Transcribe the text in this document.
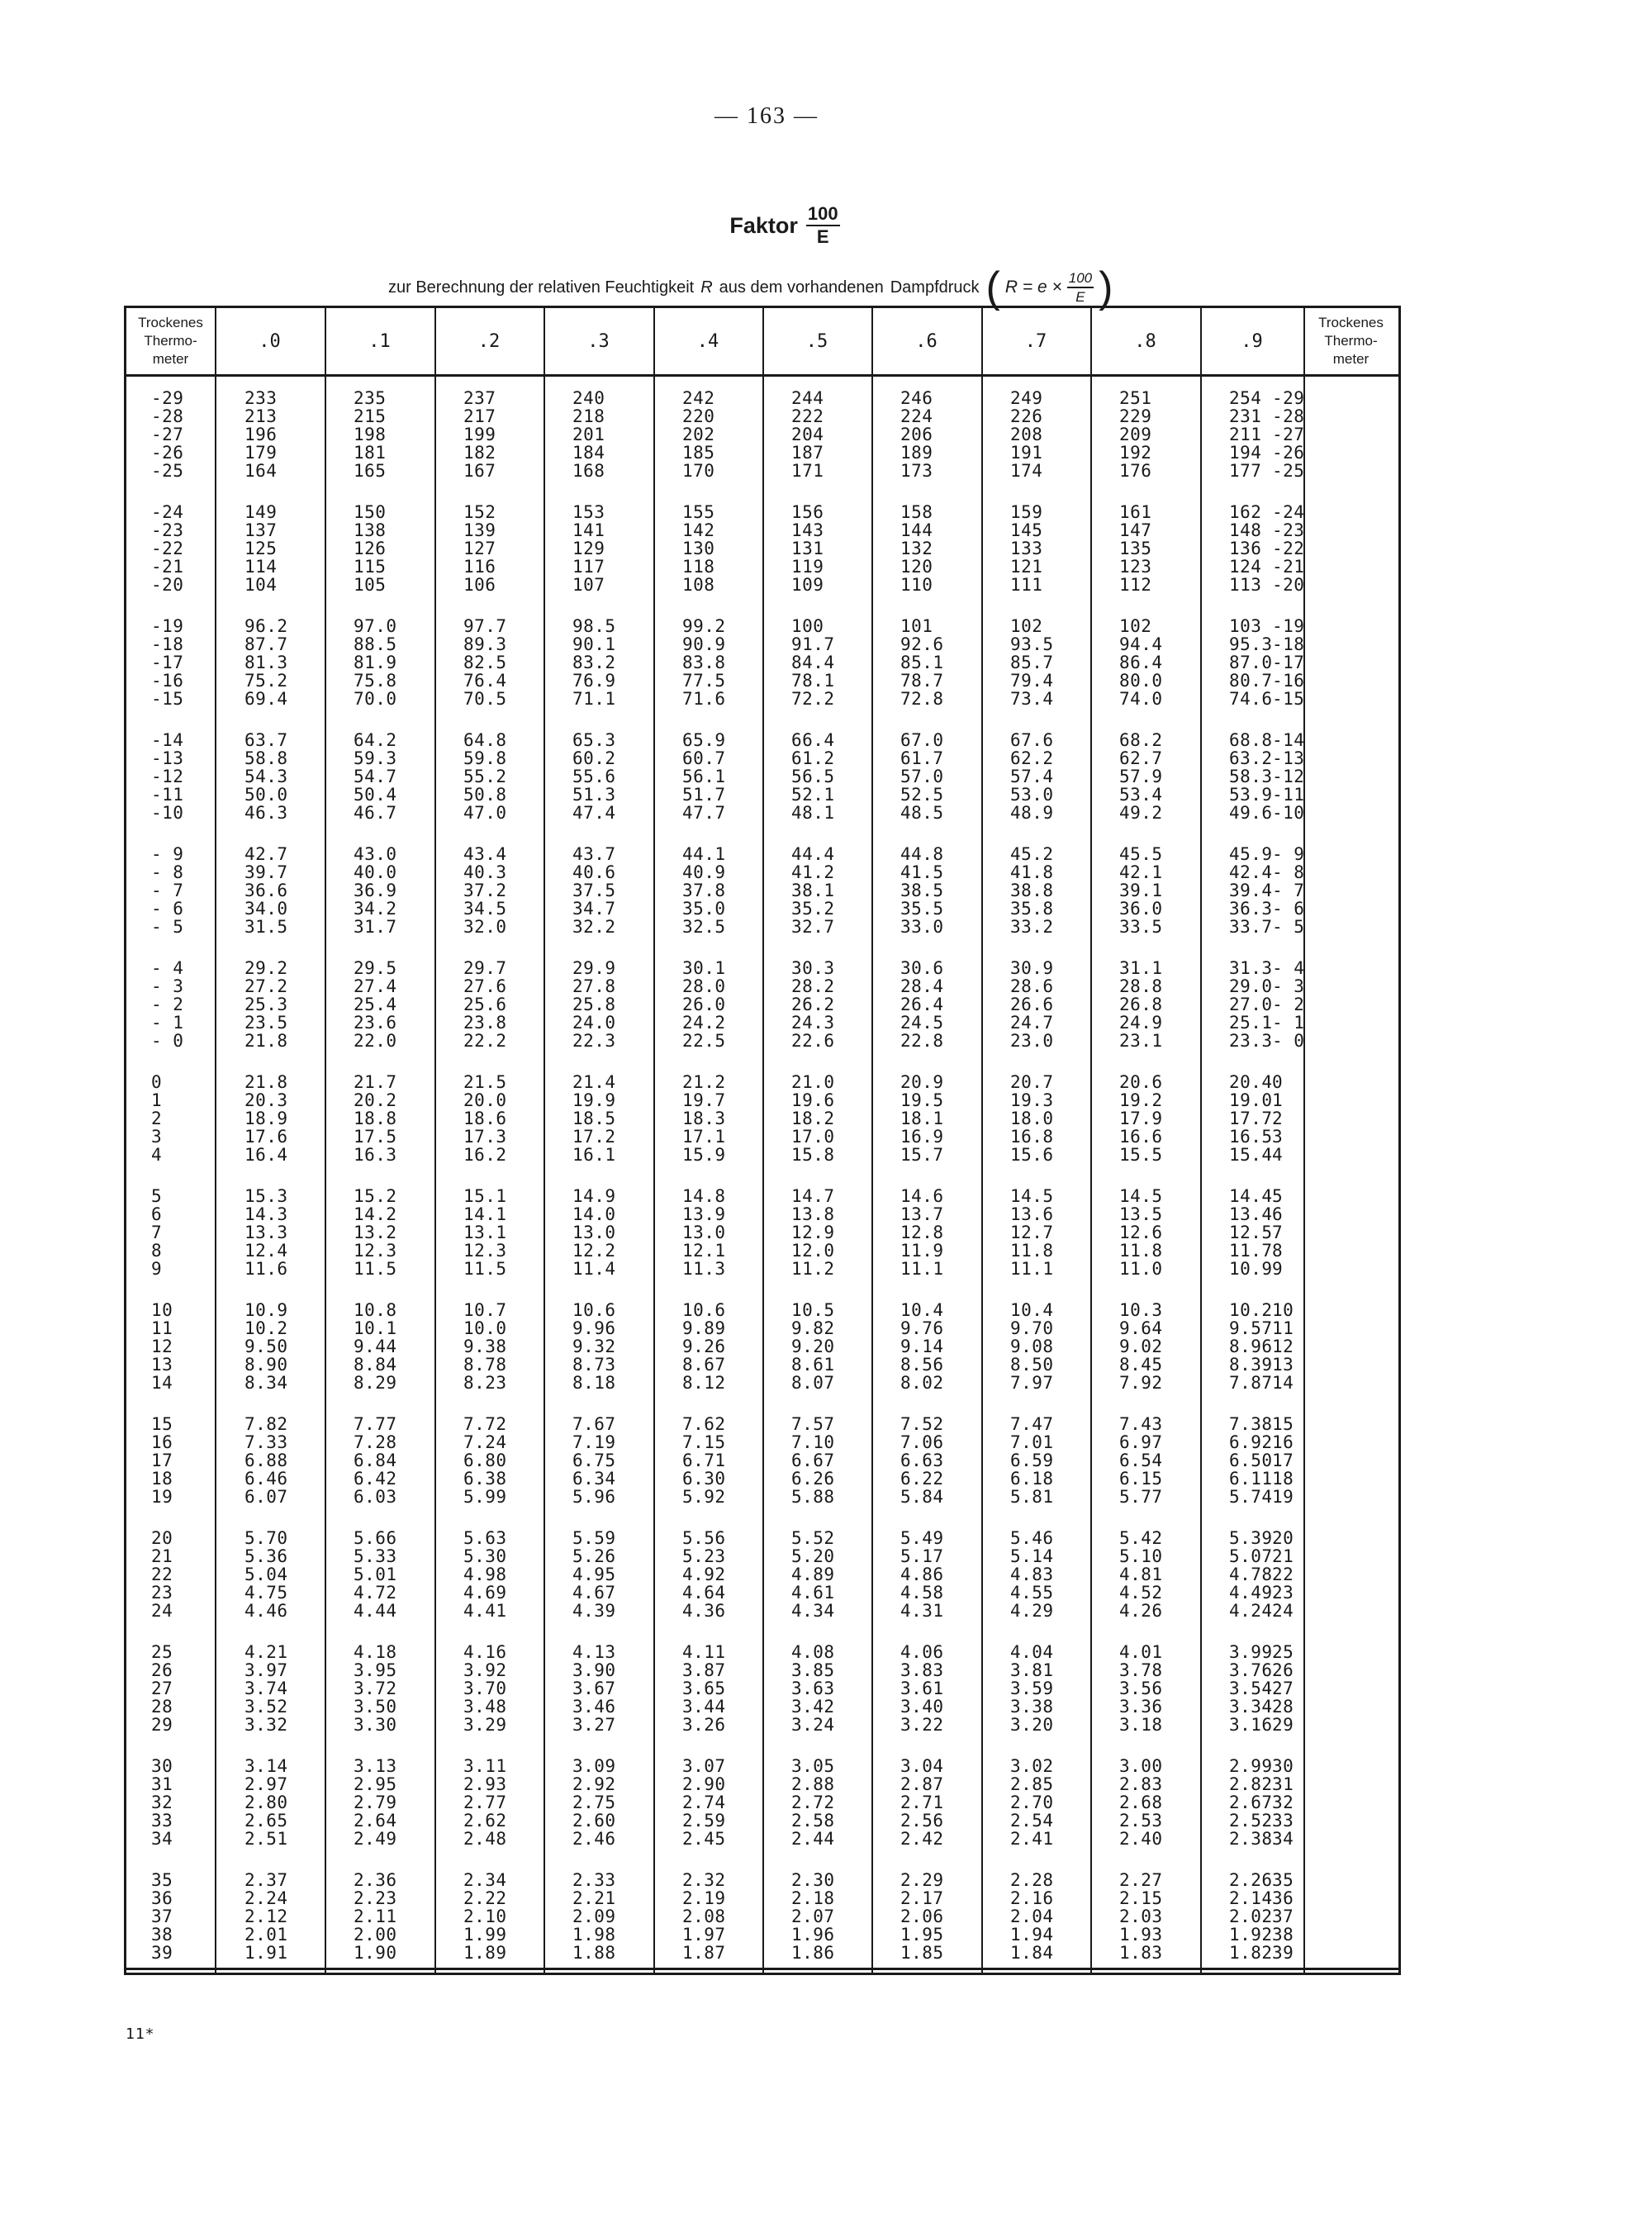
— 163 —
Faktor $\frac{100}{E}$
zur Berechnung der relativen Feuchtigkeit R aus dem vorhandenen Dampfdruck ( $R = e \times \frac{100}{E}$ )
Trockenes
Thermo-
meter
.0	.1	.2	.3	.4	.5	.6	.7	.8	.9
Trockenes
Thermo-
meter
-29	233	235	237	240	242	244	246	249	251	254 -29
-28	213	215	217	218	220	222	224	226	229	231 -28
-27	196	198	199	201	202	204	206	208	209	211 -27
-26	179	181	182	184	185	187	189	191	192	194 -26
-25	164	165	167	168	170	171	173	174	176	177 -25
-24	149	150	152	153	155	156	158	159	161	162 -24
-23	137	138	139	141	142	143	144	145	147	148 -23
-22	125	126	127	129	130	131	132	133	135	136 -22
-21	114	115	116	117	118	119	120	121	123	124 -21
-20	104	105	106	107	108	109	110	111	112	113 -20
-19	96.2	97.0	97.7	98.5	99.2	100	101	102	102	103 -19
-18	87.7	88.5	89.3	90.1	90.9	91.7	92.6	93.5	94.4	95.3 -18
-17	81.3	81.9	82.5	83.2	83.8	84.4	85.1	85.7	86.4	87.0 -17
-16	75.2	75.8	76.4	76.9	77.5	78.1	78.7	79.4	80.0	80.7 -16
-15	69.4	70.0	70.5	71.1	71.6	72.2	72.8	73.4	74.0	74.6 -15
-14	63.7	64.2	64.8	65.3	65.9	66.4	67.0	67.6	68.2	68.8 -14
-13	58.8	59.3	59.8	60.2	60.7	61.2	61.7	62.2	62.7	63.2 -13
-12	54.3	54.7	55.2	55.6	56.1	56.5	57.0	57.4	57.9	58.3 -12
-11	50.0	50.4	50.8	51.3	51.7	52.1	52.5	53.0	53.4	53.9 -11
-10	46.3	46.7	47.0	47.4	47.7	48.1	48.5	48.9	49.2	49.6 -10
- 9	42.7	43.0	43.4	43.7	44.1	44.4	44.8	45.2	45.5	45.9 - 9
- 8	39.7	40.0	40.3	40.6	40.9	41.2	41.5	41.8	42.1	42.4 - 8
- 7	36.6	36.9	37.2	37.5	37.8	38.1	38.5	38.8	39.1	39.4 - 7
- 6	34.0	34.2	34.5	34.7	35.0	35.2	35.5	35.8	36.0	36.3 - 6
- 5	31.5	31.7	32.0	32.2	32.5	32.7	33.0	33.2	33.5	33.7 - 5
- 4	29.2	29.5	29.7	29.9	30.1	30.3	30.6	30.9	31.1	31.3 - 4
- 3	27.2	27.4	27.6	27.8	28.0	28.2	28.4	28.6	28.8	29.0 - 3
- 2	25.3	25.4	25.6	25.8	26.0	26.2	26.4	26.6	26.8	27.0 - 2
- 1	23.5	23.6	23.8	24.0	24.2	24.3	24.5	24.7	24.9	25.1 - 1
- 0	21.8	22.0	22.2	22.3	22.5	22.6	22.8	23.0	23.1	23.3 - 0
0	21.8	21.7	21.5	21.4	21.2	21.0	20.9	20.7	20.6	20.4 0
1	20.3	20.2	20.0	19.9	19.7	19.6	19.5	19.3	19.2	19.0 1
2	18.9	18.8	18.6	18.5	18.3	18.2	18.1	18.0	17.9	17.7 2
3	17.6	17.5	17.3	17.2	17.1	17.0	16.9	16.8	16.6	16.5 3
4	16.4	16.3	16.2	16.1	15.9	15.8	15.7	15.6	15.5	15.4 4
5	15.3	15.2	15.1	14.9	14.8	14.7	14.6	14.5	14.5	14.4 5
6	14.3	14.2	14.1	14.0	13.9	13.8	13.7	13.6	13.5	13.4 6
7	13.3	13.2	13.1	13.0	13.0	12.9	12.8	12.7	12.6	12.5 7
8	12.4	12.3	12.3	12.2	12.1	12.0	11.9	11.8	11.8	11.7 8
9	11.6	11.5	11.5	11.4	11.3	11.2	11.1	11.1	11.0	10.9 9
10	10.9	10.8	10.7	10.6	10.6	10.5	10.4	10.4	10.3	10.2 10
11	10.2	10.1	10.0	9.96	9.89	9.82	9.76	9.70	9.64	9.57 11
12	9.50	9.44	9.38	9.32	9.26	9.20	9.14	9.08	9.02	8.96 12
13	8.90	8.84	8.78	8.73	8.67	8.61	8.56	8.50	8.45	8.39 13
14	8.34	8.29	8.23	8.18	8.12	8.07	8.02	7.97	7.92	7.87 14
15	7.82	7.77	7.72	7.67	7.62	7.57	7.52	7.47	7.43	7.38 15
16	7.33	7.28	7.24	7.19	7.15	7.10	7.06	7.01	6.97	6.92 16
17	6.88	6.84	6.80	6.75	6.71	6.67	6.63	6.59	6.54	6.50 17
18	6.46	6.42	6.38	6.34	6.30	6.26	6.22	6.18	6.15	6.11 18
19	6.07	6.03	5.99	5.96	5.92	5.88	5.84	5.81	5.77	5.74 19
20	5.70	5.66	5.63	5.59	5.56	5.52	5.49	5.46	5.42	5.39 20
21	5.36	5.33	5.30	5.26	5.23	5.20	5.17	5.14	5.10	5.07 21
22	5.04	5.01	4.98	4.95	4.92	4.89	4.86	4.83	4.81	4.78 22
23	4.75	4.72	4.69	4.67	4.64	4.61	4.58	4.55	4.52	4.49 23
24	4.46	4.44	4.41	4.39	4.36	4.34	4.31	4.29	4.26	4.24 24
25	4.21	4.18	4.16	4.13	4.11	4.08	4.06	4.04	4.01	3.99 25
26	3.97	3.95	3.92	3.90	3.87	3.85	3.83	3.81	3.78	3.76 26
27	3.74	3.72	3.70	3.67	3.65	3.63	3.61	3.59	3.56	3.54 27
28	3.52	3.50	3.48	3.46	3.44	3.42	3.40	3.38	3.36	3.34 28
29	3.32	3.30	3.29	3.27	3.26	3.24	3.22	3.20	3.18	3.16 29
30	3.14	3.13	3.11	3.09	3.07	3.05	3.04	3.02	3.00	2.99 30
31	2.97	2.95	2.93	2.92	2.90	2.88	2.87	2.85	2.83	2.82 31
32	2.80	2.79	2.77	2.75	2.74	2.72	2.71	2.70	2.68	2.67 32
33	2.65	2.64	2.62	2.60	2.59	2.58	2.56	2.54	2.53	2.52 33
34	2.51	2.49	2.48	2.46	2.45	2.44	2.42	2.41	2.40	2.38 34
35	2.37	2.36	2.34	2.33	2.32	2.30	2.29	2.28	2.27	2.26 35
36	2.24	2.23	2.22	2.21	2.19	2.18	2.17	2.16	2.15	2.14 36
37	2.12	2.11	2.10	2.09	2.08	2.07	2.06	2.04	2.03	2.02 37
38	2.01	2.00	1.99	1.98	1.97	1.96	1.95	1.94	1.93	1.92 38
39	1.91	1.90	1.89	1.88	1.87	1.86	1.85	1.84	1.83	1.82 39
11*
